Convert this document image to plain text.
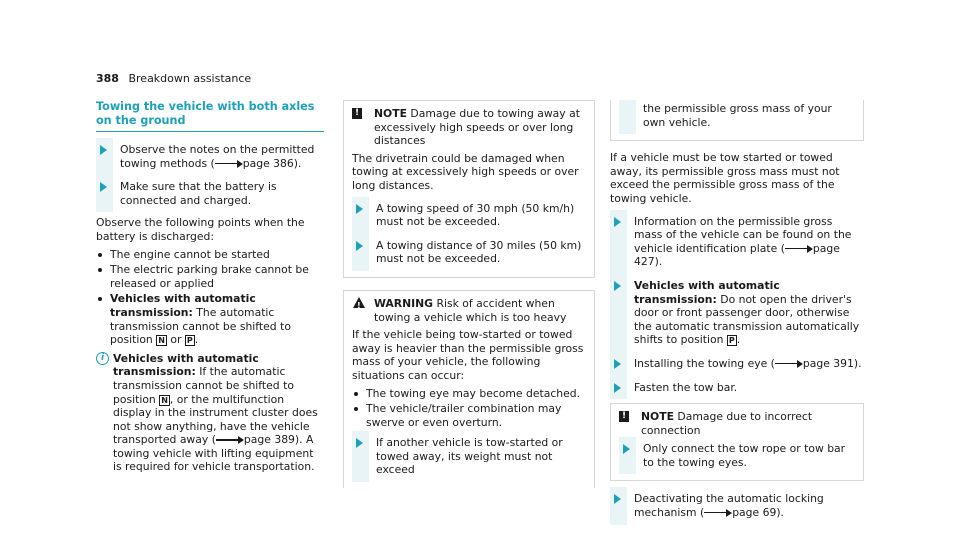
388 Breakdown assistance
Towing the vehicle with both axles on the ground
Observe the notes on the permitted towing methods (	page 386).
Make sure that the battery is connected and charged.
Observe the following points when the battery is discharged:
The engine cannot be started
The electric parking brake cannot be released or applied
Vehicles with automatic transmission: The automatic transmission cannot be shifted to position N or P .
i Vehicles with automatic transmission: If the automatic transmission cannot be shifted to position N , or the multifunction display in the instrument cluster does not show anything, have the vehicle transported away (	page 389). A towing vehicle with lifting equipment is required for vehicle transportation.
! NOTE Damage due to towing away at excessively high speeds or over long distances
The drivetrain could be damaged when towing at excessively high speeds or over long distances.
A towing speed of 30 mph (50 km/h) must not be exceeded.
A towing distance of 30 miles (50 km) must not be exceeded.
!
WARNING Risk of accident when towing a vehicle which is too heavy
If the vehicle being tow-started or towed away is heavier than the permissible gross mass of your vehicle, the following situations can occur:
The towing eye may become detached.
The vehicle/trailer combination may swerve or even overturn.
If another vehicle is tow-started or towed away, its weight must not exceed
the permissible gross mass of your own vehicle.
If a vehicle must be tow started or towed away, its permissible gross mass must not exceed the permissible gross mass of the towing vehicle.
Information on the permissible gross mass of the vehicle can be found on the vehicle identification plate (	page 427).
Vehicles with automatic transmission: Do not open the driver's door or front passenger door, otherwise the automatic transmission automatically shifts to position P .
Installing the towing eye (	page 391).
Fasten the tow bar.
! NOTE Damage due to incorrect connection
Only connect the tow rope or tow bar to the towing eyes.
Deactivating the automatic locking mechanism (	page 69).
